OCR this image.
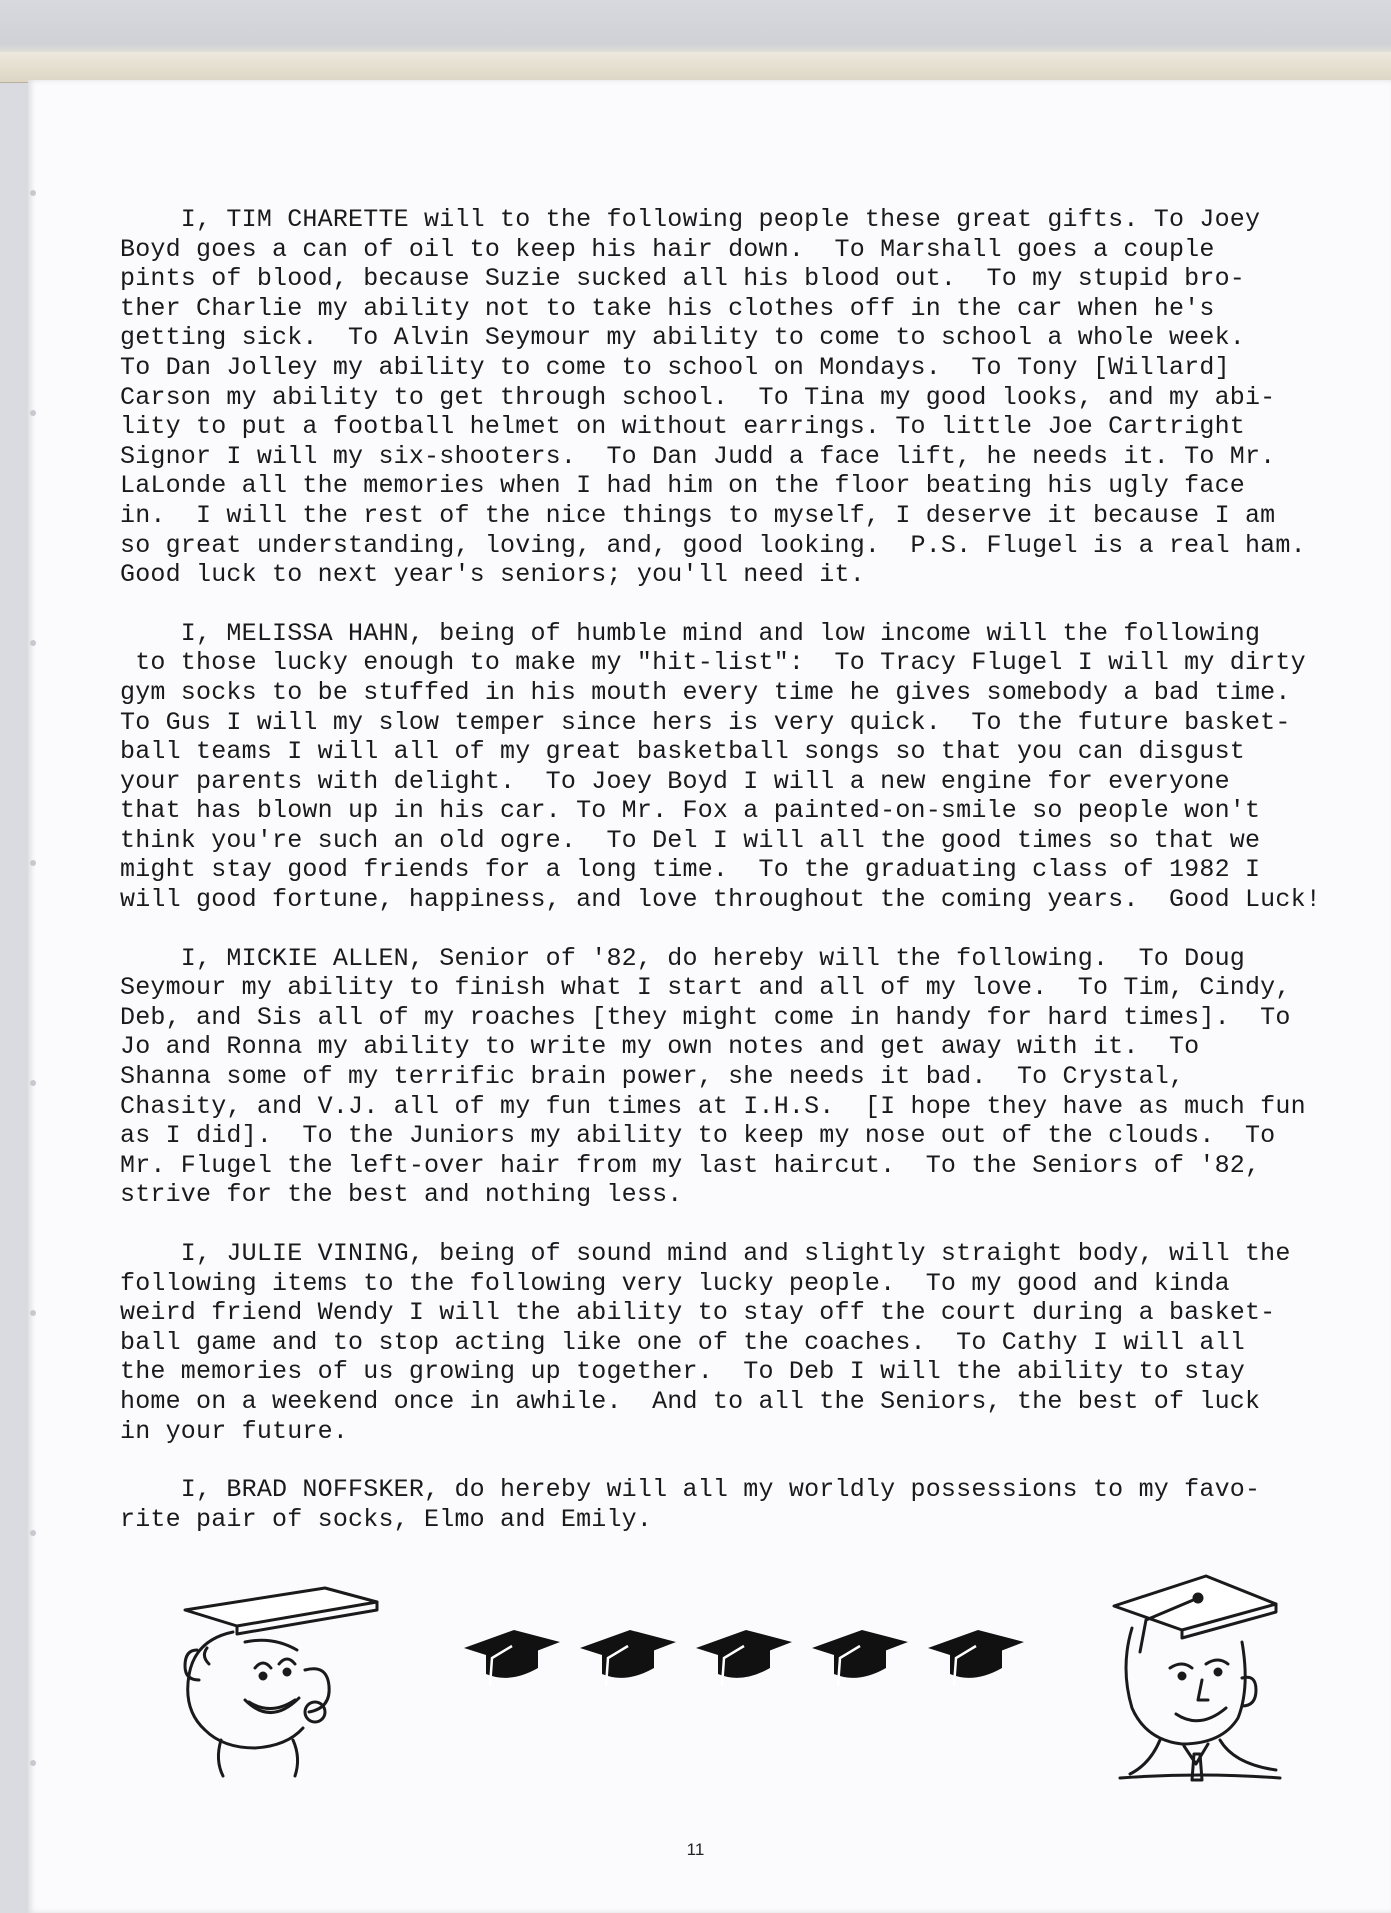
I, TIM CHARETTE will to the following people these great gifts. To Joey
Boyd goes a can of oil to keep his hair down.  To Marshall goes a couple
pints of blood, because Suzie sucked all his blood out.  To my stupid bro-
ther Charlie my ability not to take his clothes off in the car when he's
getting sick.  To Alvin Seymour my ability to come to school a whole week.
To Dan Jolley my ability to come to school on Mondays.  To Tony [Willard]
Carson my ability to get through school.  To Tina my good looks, and my abi-
lity to put a football helmet on without earrings. To little Joe Cartright
Signor I will my six-shooters.  To Dan Judd a face lift, he needs it. To Mr.
LaLonde all the memories when I had him on the floor beating his ugly face
in.  I will the rest of the nice things to myself, I deserve it because I am
so great understanding, loving, and, good looking.  P.S. Flugel is a real ham.
Good luck to next year's seniors; you'll need it.
I, MELISSA HAHN, being of humble mind and low income will the following
to those lucky enough to make my "hit-list":  To Tracy Flugel I will my dirty
gym socks to be stuffed in his mouth every time he gives somebody a bad time.
To Gus I will my slow temper since hers is very quick.  To the future basket-
ball teams I will all of my great basketball songs so that you can disgust
your parents with delight.  To Joey Boyd I will a new engine for everyone
that has blown up in his car. To Mr. Fox a painted-on-smile so people won't
think you're such an old ogre.  To Del I will all the good times so that we
might stay good friends for a long time.  To the graduating class of 1982 I
will good fortune, happiness, and love throughout the coming years.  Good Luck!
I, MICKIE ALLEN, Senior of '82, do hereby will the following.  To Doug
Seymour my ability to finish what I start and all of my love.  To Tim, Cindy,
Deb, and Sis all of my roaches [they might come in handy for hard times].  To
Jo and Ronna my ability to write my own notes and get away with it.  To
Shanna some of my terrific brain power, she needs it bad.  To Crystal,
Chasity, and V.J. all of my fun times at I.H.S.  [I hope they have as much fun
as I did].  To the Juniors my ability to keep my nose out of the clouds.  To
Mr. Flugel the left-over hair from my last haircut.  To the Seniors of '82,
strive for the best and nothing less.
I, JULIE VINING, being of sound mind and slightly straight body, will the
following items to the following very lucky people.  To my good and kinda
weird friend Wendy I will the ability to stay off the court during a basket-
ball game and to stop acting like one of the coaches.  To Cathy I will all
the memories of us growing up together.  To Deb I will the ability to stay
home on a weekend once in awhile.  And to all the Seniors, the best of luck
in your future.
I, BRAD NOFFSKER, do hereby will all my worldly possessions to my favo-
rite pair of socks, Elmo and Emily.
11
